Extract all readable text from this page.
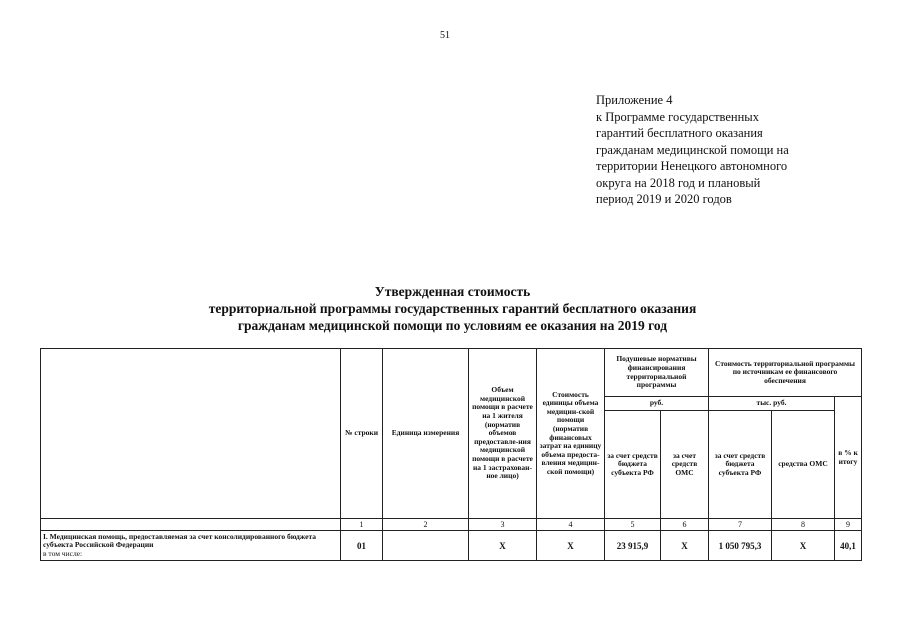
51
Приложение 4
к Программе государственных
гарантий бесплатного оказания
гражданам медицинской помощи на
территории Ненецкого автономного
округа на 2018 год и плановый
период 2019 и 2020 годов
Утвержденная стоимость
территориальной программы государственных гарантий бесплатного оказания
гражданам медицинской помощи по условиям ее оказания на 2019 год
	№ строки	Единица измерения	Объем медицинской помощи в расчете на 1 жителя (норматив объемов предоставле-ния медицинской помощи в расчете на 1 застрахован-ное лицо)	Стоимость единицы объема медицин-ской помощи (норматив финансовых затрат на единицу объема предоста-вления медицин-ской помощи)	Подушевые нормативы финансирования территориальной программы		Стоимость территориальной программы по источникам ее финансового обеспечения		
					руб.		тыс. руб.		в % к итогу
					за счет средств бюджета субъекта РФ	за счет средств ОМС	за счет средств бюджета субъекта РФ	средства ОМС	
	1	2	3	4	5	6	7	8	9
I. Медицинская помощь, предоставляемая за счет консолидированного бюджета субъекта Российской Федерации
в том числе:	01		X	X	23 915,9	X	1 050 795,3	X	40,1
